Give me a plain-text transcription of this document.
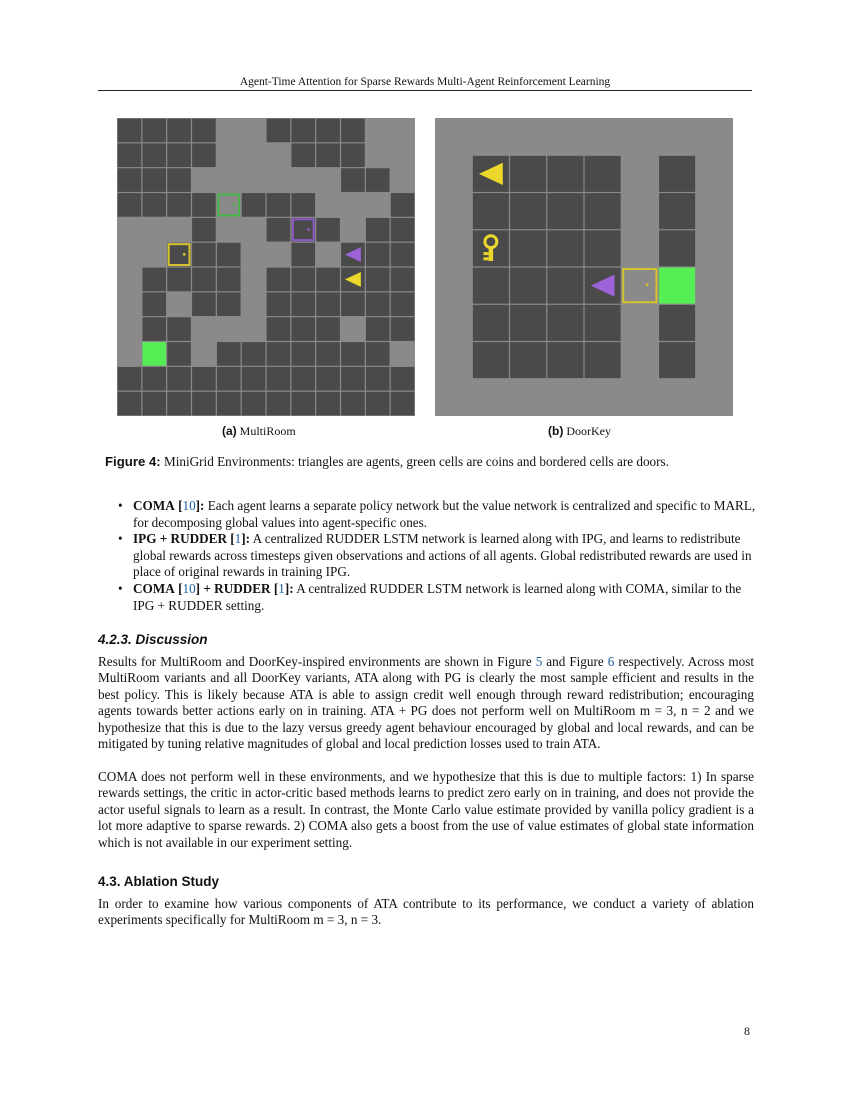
Agent-Time Attention for Sparse Rewards Multi-Agent Reinforcement Learning
(a) MultiRoom	(b) DoorKey
Figure 4: MiniGrid Environments: triangles are agents, green cells are coins and bordered cells are doors.
• COMA [10]: Each agent learns a separate policy network but the value network is centralized and specific to MARL, for decomposing global values into agent-specific ones.
• IPG + RUDDER [1]: A centralized RUDDER LSTM network is learned along with IPG, and learns to redistribute global rewards across timesteps given observations and actions of all agents. Global redistributed rewards are used in place of original rewards in training IPG.
• COMA [10] + RUDDER [1]: A centralized RUDDER LSTM network is learned along with COMA, similar to the IPG + RUDDER setting.
4.2.3. Discussion

Results for MultiRoom and DoorKey-inspired environments are shown in Figure 5 and Figure 6 respectively. Across most MultiRoom variants and all DoorKey variants, ATA along with PG is clearly the most sample efficient and results in the best policy. This is likely because ATA is able to assign credit well enough through reward redistribution; encouraging agents towards better actions early on in training. ATA + PG does not perform well on MultiRoom m = 3, n = 2 and we hypothesize that this is due to the lazy versus greedy agent behaviour encouraged by global and local rewards, and can be mitigated by tuning relative magnitudes of global and local prediction losses used to train ATA.

COMA does not perform well in these environments, and we hypothesize that this is due to multiple factors: 1) In sparse rewards settings, the critic in actor-critic based methods learns to predict zero early on in training, and does not provide the actor useful signals to learn as a result. In contrast, the Monte Carlo value estimate provided by vanilla policy gradient is a lot more adaptive to sparse rewards. 2) COMA also gets a boost from the use of value estimates of global state information which is not available in our experiment setting.

4.3. Ablation Study

In order to examine how various components of ATA contribute to its performance, we conduct a variety of ablation experiments specifically for MultiRoom m = 3, n = 3.

8
